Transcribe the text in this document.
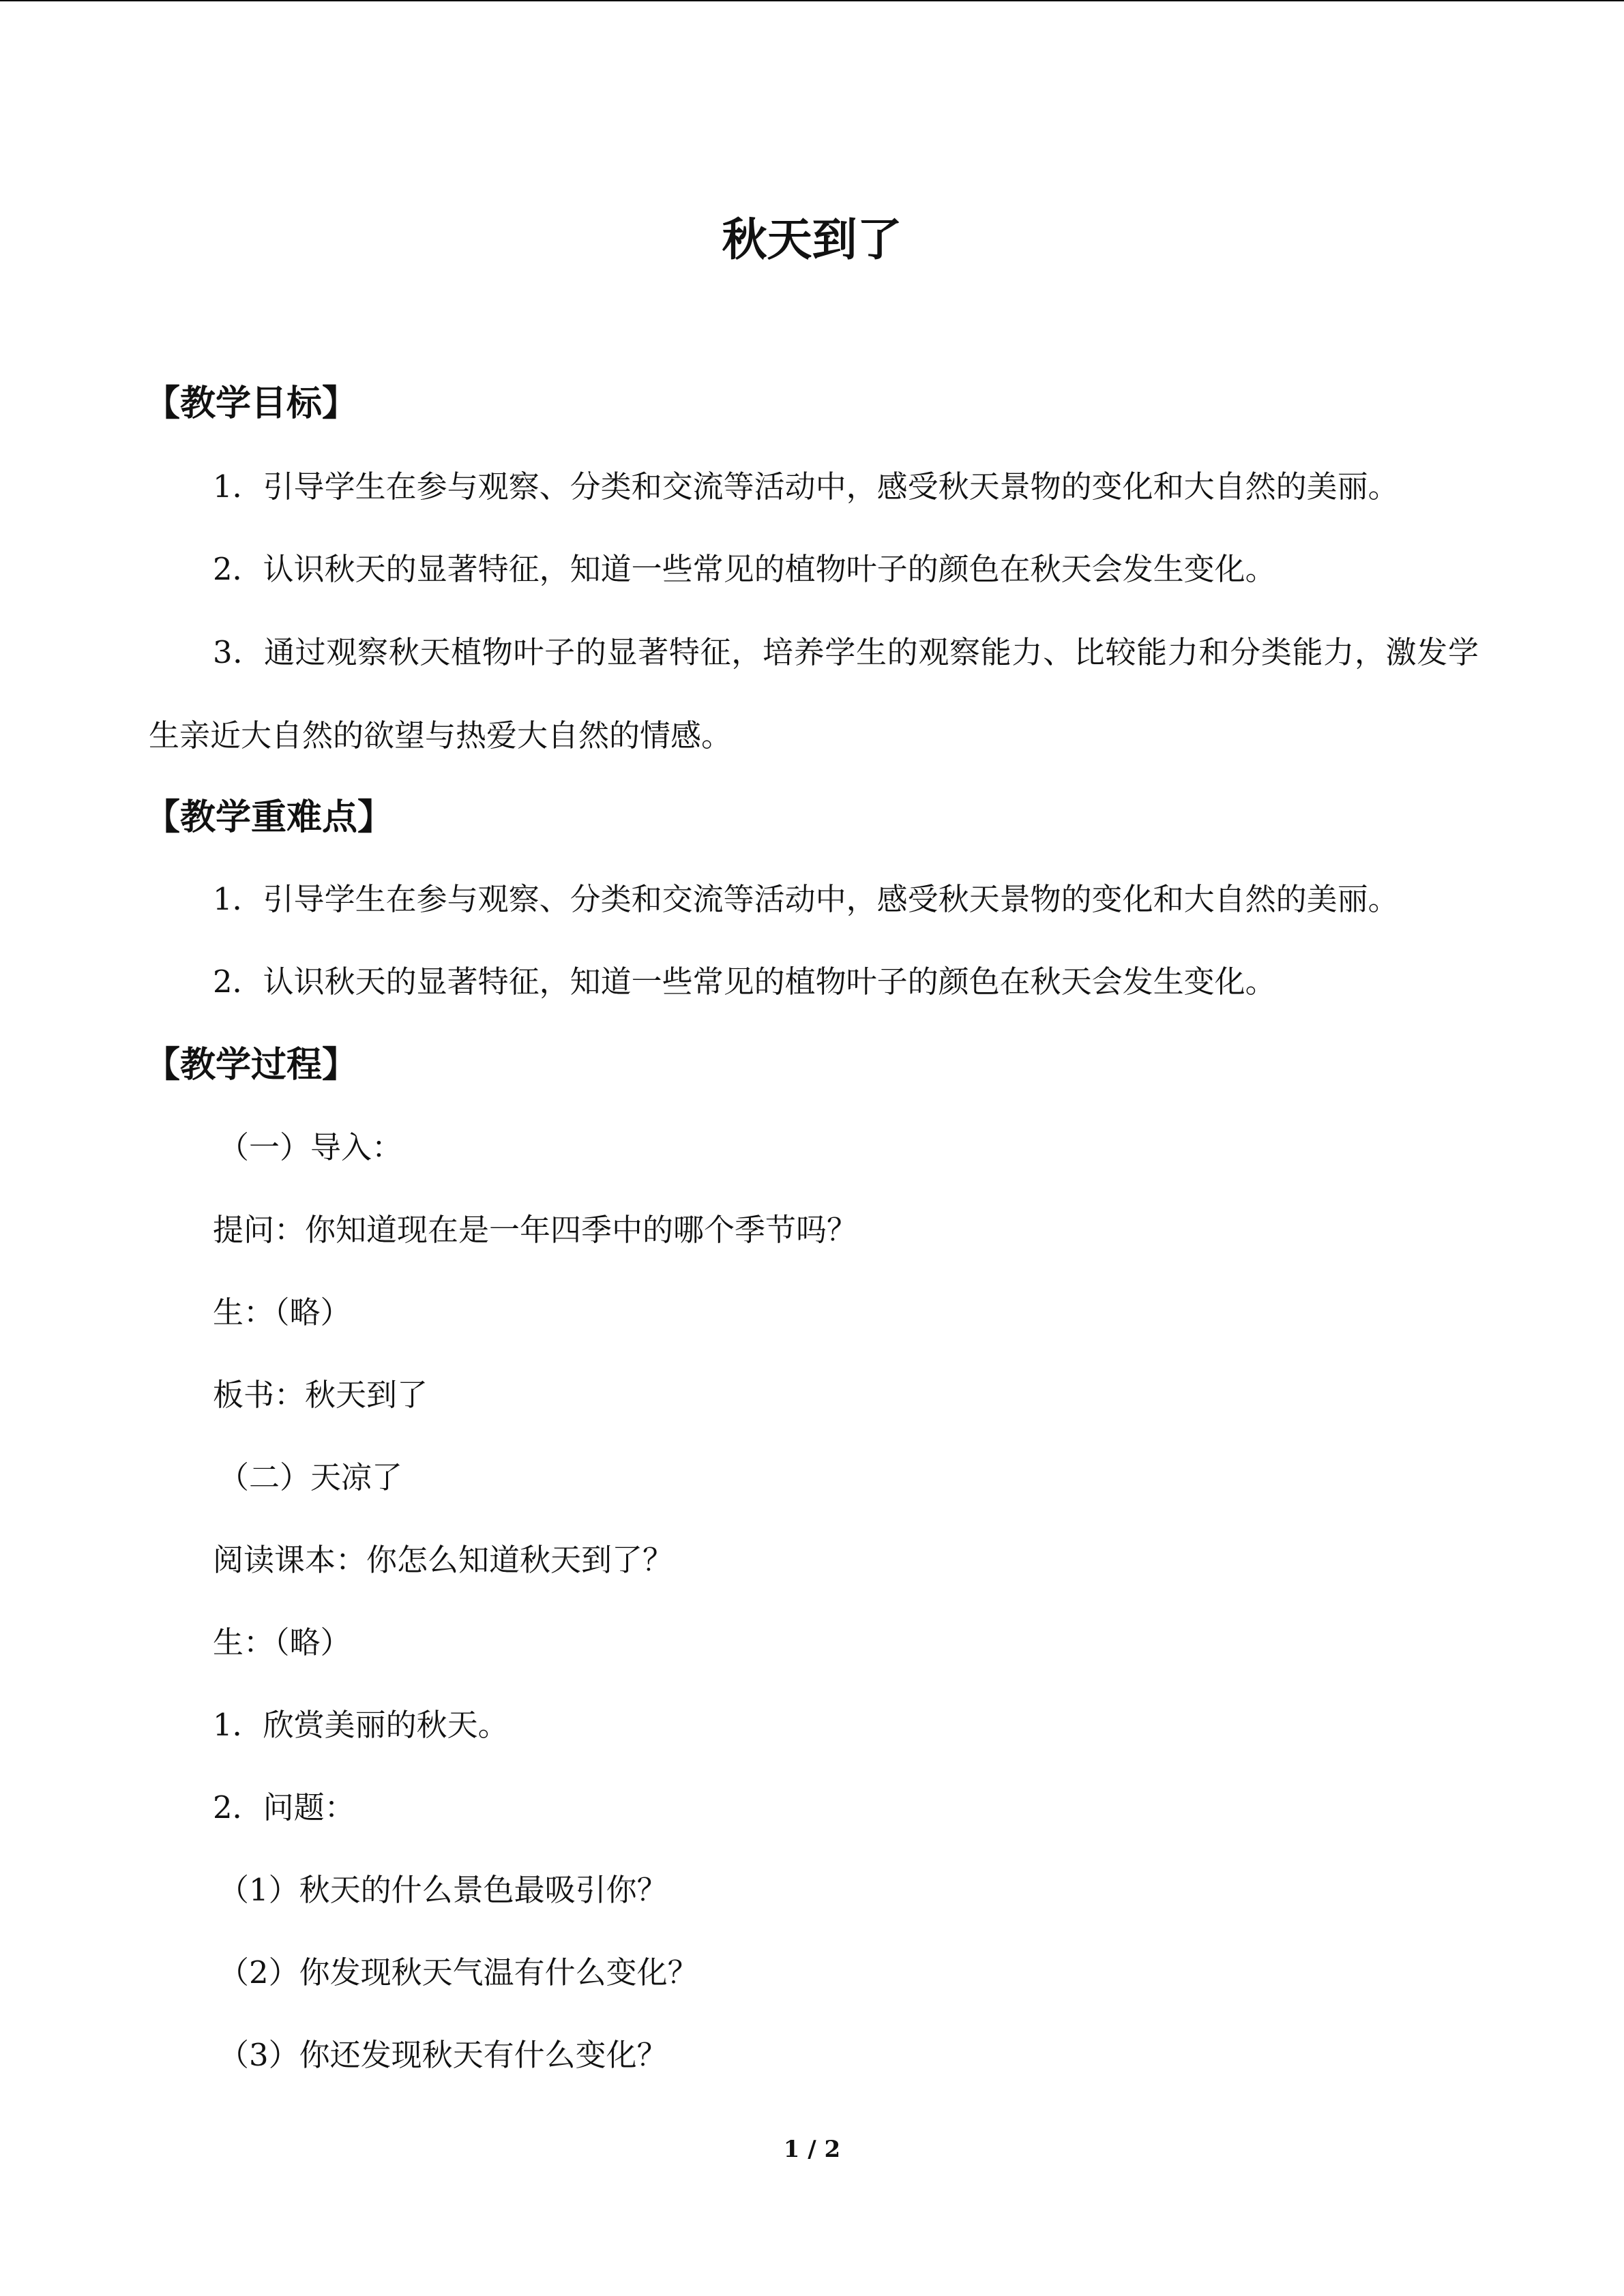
秋天到了
【教学目标】

1．引导学生在参与观察、分类和交流等活动中，感受秋天景物的变化和大自然的美丽。

2．认识秋天的显著特征，知道一些常见的植物叶子的颜色在秋天会发生变化。

3．通过观察秋天植物叶子的显著特征，培养学生的观察能力、比较能力和分类能力，激发学生亲近大自然的欲望与热爱大自然的情感。

【教学重难点】

1．引导学生在参与观察、分类和交流等活动中，感受秋天景物的变化和大自然的美丽。

2．认识秋天的显著特征，知道一些常见的植物叶子的颜色在秋天会发生变化。

【教学过程】

（一）导入：

提问：你知道现在是一年四季中的哪个季节吗？

生：（略）

板书：秋天到了

（二）天凉了

阅读课本：你怎么知道秋天到了？

生：（略）

1．欣赏美丽的秋天。

2．问题：

（1）秋天的什么景色最吸引你？

（2）你发现秋天气温有什么变化？

（3）你还发现秋天有什么变化？

1 / 2
